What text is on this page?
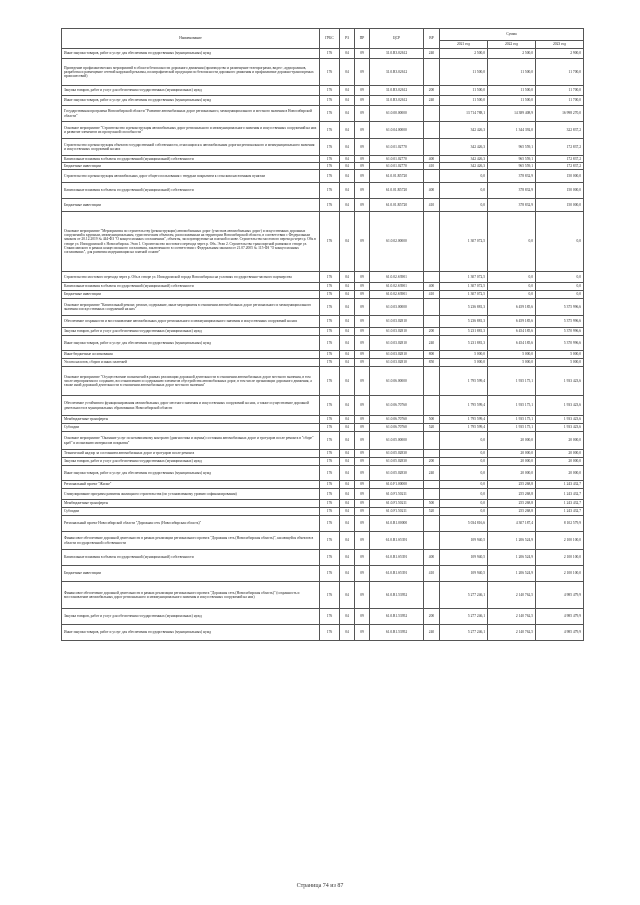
Наименование	ГРБС	РЗ	ПР	ЦСР	ВР	Сумма		
						2021 год	2022 год	2023 год
Иные закупки товаров, работ и услуг для обеспечения государственных (муниципальных) нужд	176	04	09	31.0.R3.02612	240	2 500,0	2 500,0	2 900,0
Проведение профилактических мероприятий в области безопасности дорожного движения (производство и размещение телепрограмм, видео-, аудиороликов, разработка и размещение сетевой наружной рекламы, полиграфической продукции по безопасности дорожного движения и профилактике дорожно-транспортных происшествий)	176	04	09	31.0.R3.02612		11 500,0	11 500,0	11 700,0
Закупка товаров, работ и услуг для обеспечения государственных (муниципальных) нужд	176	04	09	31.0.R3.02612	200	11 500,0	11 500,0	11 700,0
Иные закупки товаров, работ и услуг для обеспечения государственных (муниципальных) нужд	176	04	09	31.0.R3.02612	240	11 500,0	11 500,0	11 700,0
Государственная программа Новосибирской области "Развитие автомобильных дорог регионального, межмуниципального и местного значения в Новосибирской области"	176	04	09	61.0.00.00000		13 714 788,1	14 389 408,9	16 998 270,0
Основное мероприятие "Строительство и реконструкция автомобильных дорог регионального и межмуниципального значения и искусственных сооружений на них и развитие элементов их пропускной способности"	176	04	09	61.0.04.00000		342 426,3	1 344 392,0	322 837,2
Строительство и реконструкция объектов государственной собственности, относящихся к автомобильным дорогам регионального и межмуниципального значения и искусственных сооружений на них	176	04	09	61.0.01.02770		342 426,3	965 559,1	172 837,2
Капитальные вложения в объекты государственной (муниципальной) собственности	176	04	09	61.0.01.02770	400	342 426,3	965 559,1	172 837,2
Бюджетные инвестиции	176	04	09	61.0.01.02770	410	342 426,3	965 559,1	172 837,2
Строительство и реконструкция автомобильных дорог общего пользования с твердым покрытием к сельским населенным пунктам	176	04	09	61.0.01.R5720		0,0	378 832,9	150 000,0
Капитальные вложения в объекты государственной (муниципальной) собственности	176	04	09	61.0.01.R5720	400	0,0	378 832,9	150 000,0
Бюджетные инвестиции	176	04	09	61.0.01.R5720	410	0,0	378 832,9	150 000,0
Основное мероприятие "Мероприятия по строительству (реконструкции) автомобильных дорог (участков автомобильных дорог) и искусственных дорожных сооружений к крупным, межмуниципальным, туристическим объектам, расположенным на территории Новосибирской области, в соответствии с Федеральным законом от 20.12.2019 № 444-ФЗ "О концессионных соглашениях", объекты, эксплуатируемые на платной основе. Строительство мостового перехода через р. Обь в створе ул. Ипподромской г. Новосибирска. Этап 1. Строительство мостового перехода через р. Обь. Этап 2. Строительство транспортной развязки в створе ул. Станиславского в рамках концессионного соглашения, заключенного в соответствии с Федеральным законом от 21.07.2005 № 115-ФЗ "О концессионных соглашениях", для развития модернизации на платной основе"	176	04	09	61.0.02.00000		1 307 072,5	0,0	0,0
Строительство мостового перехода через р. Обь в створе ул. Ипподромской города Новосибирска на условиях государственно-частного партнерства	176	04	09	61.0.02.S3901		1 307 072,5	0,0	0,0
Капитальные вложения в объекты государственной (муниципальной) собственности	176	04	09	61.0.02.S3901	400	1 307 072,5	0,0	0,0
Бюджетные инвестиции	176	04	09	61.0.02.S3901	410	1 307 072,5	0,0	0,0
Основное мероприятие "Капитальный ремонт, ремонт, содержание, иные мероприятия в отношении автомобильных дорог регионального и межмуниципального значения и искусственных сооружений на них"	176	04	09	61.0.03.00000		5 236 881,3	6 459 185,6	5 375 996,6
Обеспечение сохранности и восстановление автомобильных дорог регионального и межмуниципального значения и искусственных сооружений на них	176	04	09	61.0.03.02810		5 236 881,3	6 459 185,6	5 375 996,6
Закупка товаров, работ и услуг для обеспечения государственных (муниципальных) нужд	176	04	09	61.0.03.02810	200	5 231 881,3	6 454 185,6	5 370 996,6
Иные закупки товаров, работ и услуг для обеспечения государственных (муниципальных) нужд	176	04	09	61.0.03.02810	240	5 231 881,3	6 454 185,6	5 370 996,6
Иные бюджетные ассигнования	176	04	09	61.0.03.02810	800	5 000,0	5 000,0	5 000,0
Уплата налогов, сборов и иных платежей	176	04	09	61.0.03.02810	850	5 000,0	5 000,0	5 000,0
Основное мероприятие "Осуществление полномочий в рамках реализации дорожной деятельности в отношении автомобильных дорог местного значения, в том числе мероприятия по созданию, восстановлению и содержанию элементов обустройства автомобильных дорог, в том числе организации дорожного движения, а также иной дорожной деятельности в отношении автомобильных дорог местного значения"	176	04	09	61.0.06.00000		1 795 599,4	1 935 175,1	1 933 423,6
Обеспечение устойчивого функционирования автомобильных дорог местного значения и искусственных сооружений на них, а также осуществление дорожной деятельности в муниципальных образованиях Новосибирской области	176	04	09	61.0.06.70760		1 795 599,4	1 935 175,1	1 933 423,6
Межбюджетные трансферты	176	04	09	61.0.06.70760	500	1 795 599,4	1 935 175,1	1 933 423,6
Субсидии	176	04	09	61.0.06.70760	520	1 795 599,4	1 935 175,1	1 933 423,6
Основное мероприятие "Оказание услуг по независимому контролю (диагностика и оценка) состояния автомобильных дорог и тротуаров после ремонта в "сборе" краб" и испытанию материалов покрытия"	176	04	09	61.0.05.00000		0,0	20 000,0	20 000,0
Технический надзор за состоянием автомобильных дорог и тротуаров после ремонта	176	04	09	61.0.05.02830		0,0	20 000,0	20 000,0
Закупка товаров, работ и услуг для обеспечения государственных (муниципальных) нужд	176	04	09	61.0.05.02830	200	0,0	20 000,0	20 000,0
Иные закупки товаров, работ и услуг для обеспечения государственных (муниципальных) нужд	176	04	09	61.0.05.02830	240	0,0	20 000,0	20 000,0
Региональный проект "Жилье"	176	04	09	61.0.F1.00000		0,0	255 268,8	1 243 432,7
Стимулирование программ развития жилищного строительства (по установленному уровню софинансирования)	176	04	09	61.0.F1.50211		0,0	255 268,8	1 243 432,7
Межбюджетные трансферты	176	04	09	61.0.F1.50211	500	0,0	255 268,8	1 243 432,7
Субсидии	176	04	09	61.0.F1.50211	520	0,0	255 268,8	1 243 432,7
Региональный проект Новосибирской области "Дорожная сеть (Новосибирская область)"	176	04	09	61.0.R1.00000		5 034 816,6	4 307 187,4	8 102 579,9
Финансовое обеспечение дорожной деятельности в рамках реализации регионального проекта "Дорожная сеть (Новосибирская область)", касающейся объектов в области государственной собственности	176	04	09	61.0.R1.S5391		109 940,5	1 206 524,9	2 100 100,0
Капитальные вложения в объекты государственной (муниципальной) собственности	176	04	09	61.0.R1.S5391	400	109 940,5	1 206 524,9	2 100 100,0
Бюджетные инвестиции	176	04	09	61.0.R1.S5391	410	109 940,5	1 206 524,9	2 100 100,0
Финансовое обеспечение дорожной деятельности в рамках реализации регионального проекта "Дорожная сеть (Новосибирская область)" (сохранность и восстановление автомобильных дорог регионального и межмуниципального значения и искусственных сооружений на них)	176	04	09	61.0.R1.53952		5 277 246,1	2 140 762,5	4 985 479,9
Закупка товаров, работ и услуг для обеспечения государственных (муниципальных) нужд	176	04	09	61.0.R1.53952	200	5 277 246,1	2 140 762,5	4 985 479,9
Иные закупки товаров, работ и услуг для обеспечения государственных (муниципальных) нужд	176	04	09	61.0.R1.53952	240	5 277 246,1	2 140 762,5	4 985 479,9
Страница 74 из 87
